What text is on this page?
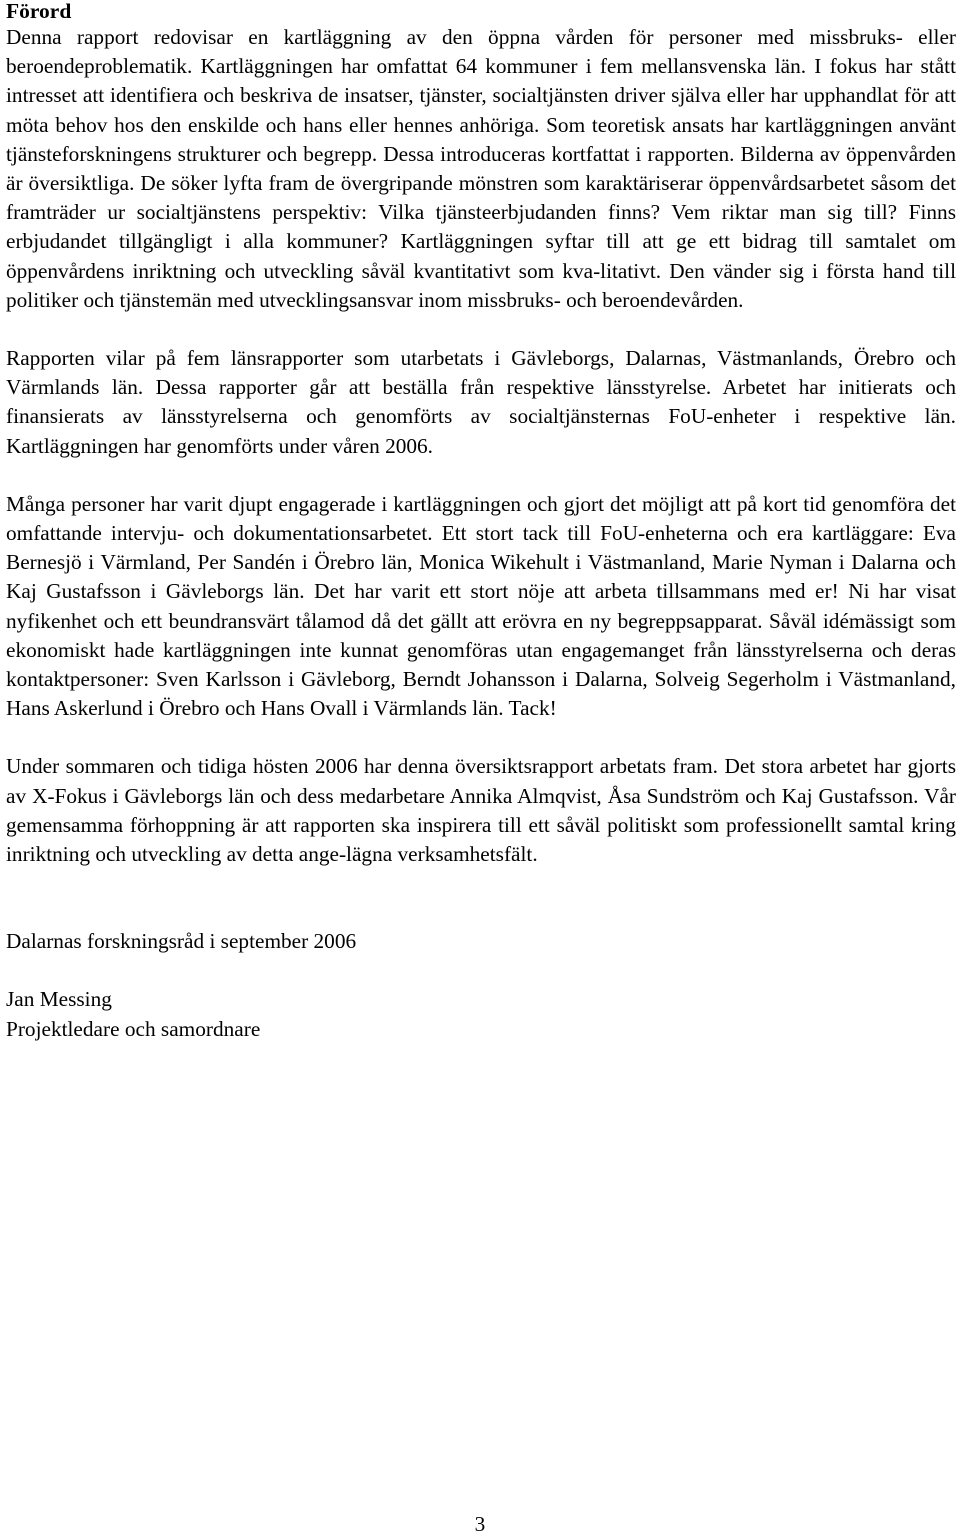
Förord

Denna rapport redovisar en kartläggning av den öppna vården för personer med missbruks- eller beroendeproblematik. Kartläggningen har omfattat 64 kommuner i fem mellansvenska län. I fokus har stått intresset att identifiera och beskriva de insatser, tjänster, socialtjänsten driver själva eller har upphandlat för att möta behov hos den enskilde och hans eller hennes anhöriga. Som teoretisk ansats har kartläggningen använt tjänsteforskningens strukturer och begrepp. Dessa introduceras kortfattat i rapporten. Bilderna av öppenvården är översiktliga. De söker lyfta fram de övergripande mönstren som karaktäriserar öppenvårdsarbetet såsom det framträder ur socialtjänstens perspektiv: Vilka tjänsteerbjudanden finns? Vem riktar man sig till? Finns erbjudandet tillgängligt i alla kommuner? Kartläggningen syftar till att ge ett bidrag till samtalet om öppenvårdens inriktning och utveckling såväl kvantitativt som kva-litativt. Den vänder sig i första hand till politiker och tjänstemän med utvecklingsansvar inom missbruks- och beroendevården.

Rapporten vilar på fem länsrapporter som utarbetats i Gävleborgs, Dalarnas, Västmanlands, Örebro och Värmlands län. Dessa rapporter går att beställa från respektive länsstyrelse. Arbetet har initierats och finansierats av länsstyrelserna och genomförts av socialtjänsternas FoU-enheter i respektive län. Kartläggningen har genomförts under våren 2006.

Många personer har varit djupt engagerade i kartläggningen och gjort det möjligt att på kort tid genomföra det omfattande intervju- och dokumentationsarbetet. Ett stort tack till FoU-enheterna och era kartläggare: Eva Bernesjö i Värmland, Per Sandén i Örebro län, Monica Wikehult i Västmanland, Marie Nyman i Dalarna och Kaj Gustafsson i Gävleborgs län. Det har varit ett stort nöje att arbeta tillsammans med er! Ni har visat nyfikenhet och ett beundransvärt tålamod då det gällt att erövra en ny begreppsapparat. Såväl idémässigt som ekonomiskt hade kartläggningen inte kunnat genomföras utan engagemanget från länsstyrelserna och deras kontaktpersoner: Sven Karlsson i Gävleborg, Berndt Johansson i Dalarna, Solveig Segerholm i Västmanland, Hans Askerlund i Örebro och Hans Ovall i Värmlands län. Tack!

Under sommaren och tidiga hösten 2006 har denna översiktsrapport arbetats fram. Det stora arbetet har gjorts av X-Fokus i Gävleborgs län och dess medarbetare Annika Almqvist, Åsa Sundström och Kaj Gustafsson. Vår gemensamma förhoppning är att rapporten ska inspirera till ett såväl politiskt som professionellt samtal kring inriktning och utveckling av detta ange-lägna verksamhetsfält.

Dalarnas forskningsråd i september 2006

Jan Messing

Projektledare och samordnare

3
